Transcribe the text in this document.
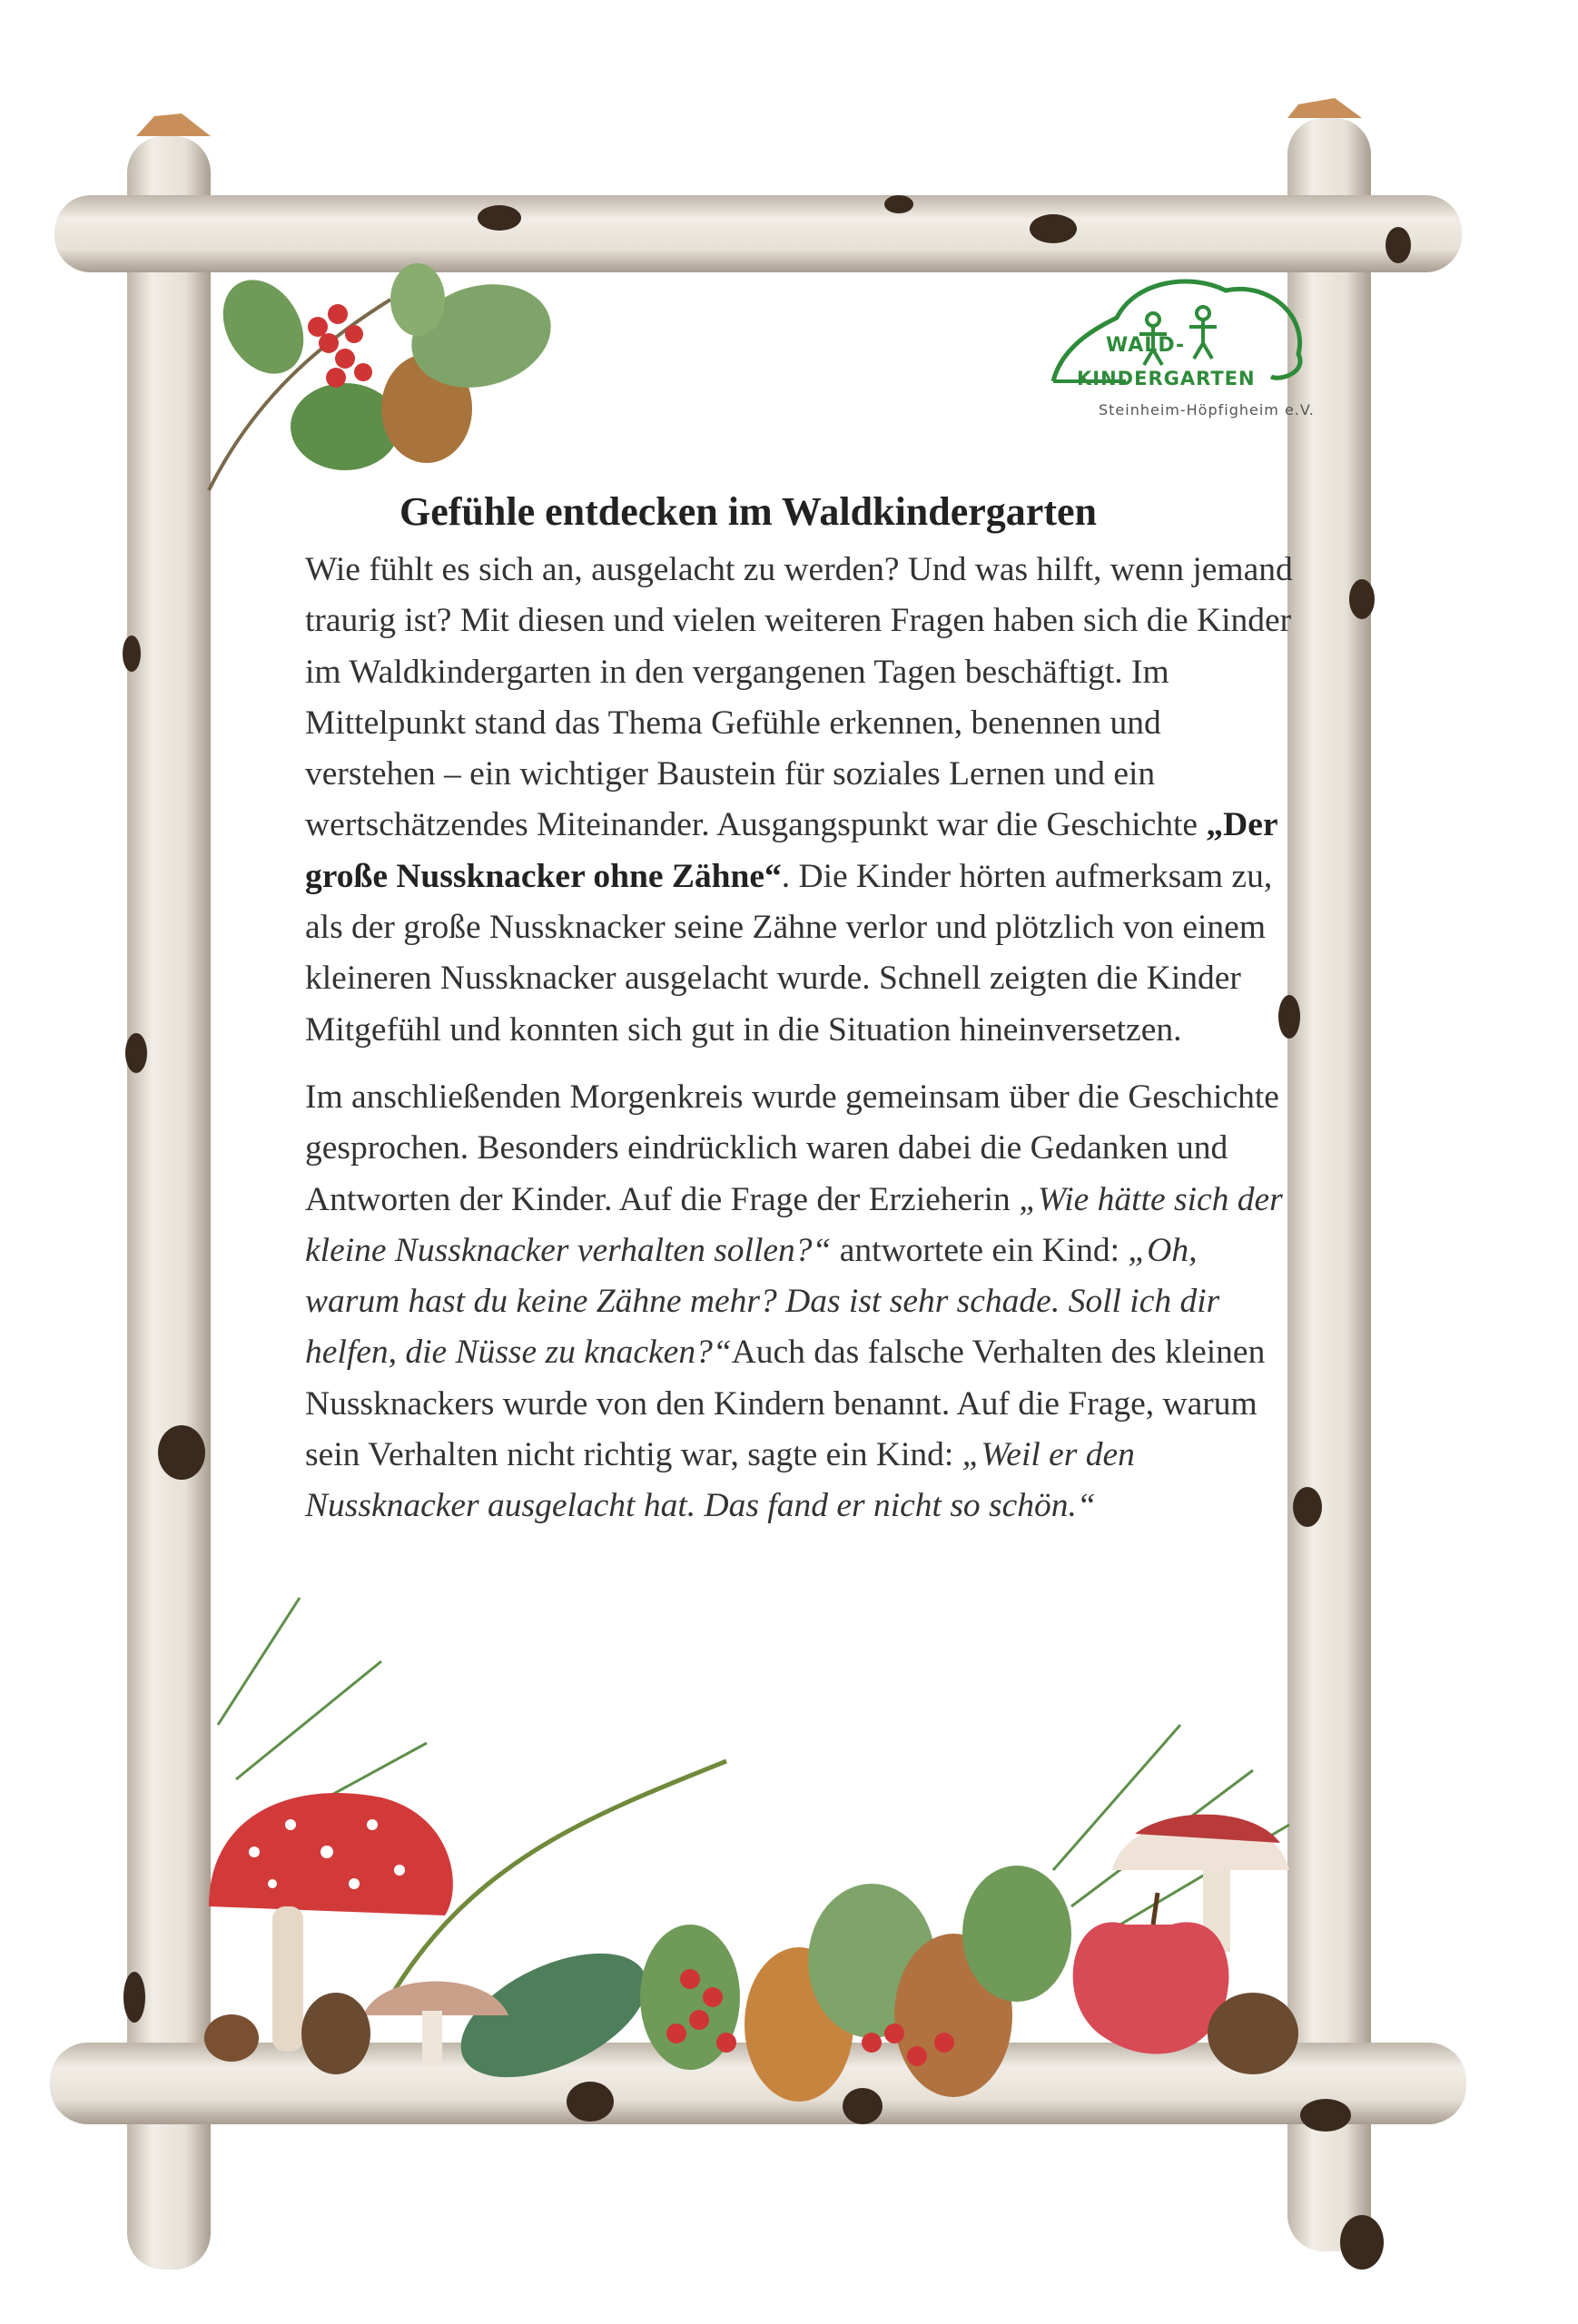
WALD-
KINDERGARTEN
Steinheim-Höpfigheim e.V.
Gefühle entdecken im Waldkindergarten

Wie fühlt es sich an, ausgelacht zu werden? Und was hilft, wenn jemand traurig ist? Mit diesen und vielen weiteren Fragen haben sich die Kinder im Waldkindergarten in den vergangenen Tagen beschäftigt. Im Mittelpunkt stand das Thema Gefühle erkennen, benennen und verstehen – ein wichtiger Baustein für soziales Lernen und ein wertschätzendes Miteinander. Ausgangspunkt war die Geschichte „Der große Nussknacker ohne Zähne“. Die Kinder hörten aufmerksam zu, als der große Nussknacker seine Zähne verlor und plötzlich von einem kleineren Nussknacker ausgelacht wurde. Schnell zeigten die Kinder Mitgefühl und konnten sich gut in die Situation hineinversetzen.

Im anschließenden Morgenkreis wurde gemeinsam über die Geschichte gesprochen. Besonders eindrücklich waren dabei die Gedanken und Antworten der Kinder. Auf die Frage der Erzieherin „Wie hätte sich der kleine Nussknacker verhalten sollen?“ antwortete ein Kind: „Oh, warum hast du keine Zähne mehr? Das ist sehr schade. Soll ich dir helfen, die Nüsse zu knacken?“Auch das falsche Verhalten des kleinen Nussknackers wurde von den Kindern benannt. Auf die Frage, warum sein Verhalten nicht richtig war, sagte ein Kind: „Weil er den Nussknacker ausgelacht hat. Das fand er nicht so schön.“
